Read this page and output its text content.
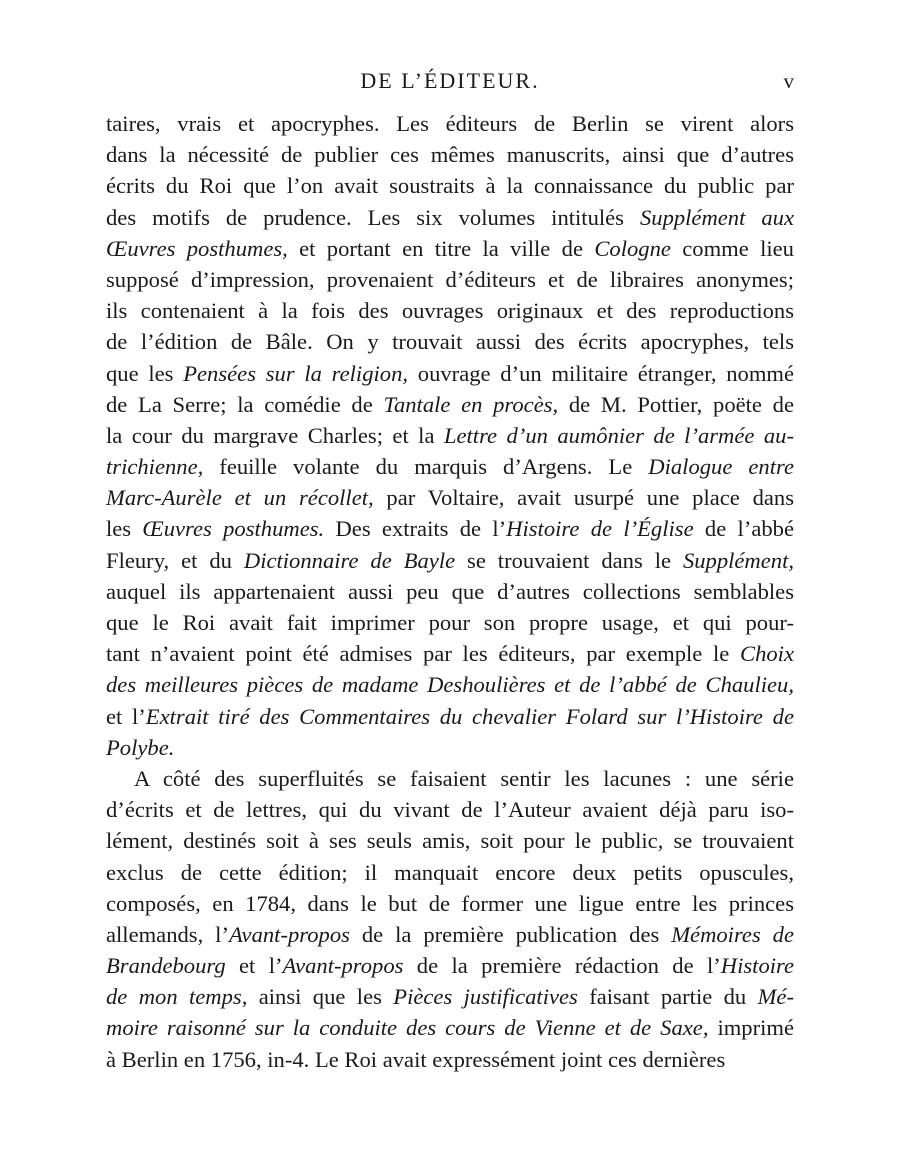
DE L’ÉDITEUR.	v
taires, vrais et apocryphes. Les éditeurs de Berlin se virent alors
dans la nécessité de publier ces mêmes manuscrits, ainsi que d’autres
écrits du Roi que l’on avait soustraits à la connaissance du public par
des motifs de prudence. Les six volumes intitulés Supplément aux
Œuvres posthumes, et portant en titre la ville de Cologne comme lieu
supposé d’impression, provenaient d’éditeurs et de libraires anonymes;
ils contenaient à la fois des ouvrages originaux et des reproductions
de l’édition de Bâle. On y trouvait aussi des écrits apocryphes, tels
que les Pensées sur la religion, ouvrage d’un militaire étranger, nommé
de La Serre; la comédie de Tantale en procès, de M. Pottier, poëte de
la cour du margrave Charles; et la Lettre d’un aumônier de l’armée au-
trichienne, feuille volante du marquis d’Argens. Le Dialogue entre
Marc-Aurèle et un récollet, par Voltaire, avait usurpé une place dans
les Œuvres posthumes. Des extraits de l’Histoire de l’Église de l’abbé
Fleury, et du Dictionnaire de Bayle se trouvaient dans le Supplément,
auquel ils appartenaient aussi peu que d’autres collections semblables
que le Roi avait fait imprimer pour son propre usage, et qui pour-
tant n’avaient point été admises par les éditeurs, par exemple le Choix
des meilleures pièces de madame Deshoulières et de l’abbé de Chaulieu,
et l’Extrait tiré des Commentaires du chevalier Folard sur l’Histoire de
Polybe.
A côté des superfluités se faisaient sentir les lacunes : une série
d’écrits et de lettres, qui du vivant de l’Auteur avaient déjà paru iso-
lément, destinés soit à ses seuls amis, soit pour le public, se trouvaient
exclus de cette édition; il manquait encore deux petits opuscules,
composés, en 1784, dans le but de former une ligue entre les princes
allemands, l’Avant-propos de la première publication des Mémoires de
Brandebourg et l’Avant-propos de la première rédaction de l’Histoire
de mon temps, ainsi que les Pièces justificatives faisant partie du Mé-
moire raisonné sur la conduite des cours de Vienne et de Saxe, imprimé
à Berlin en 1756, in-4. Le Roi avait expressément joint ces dernières
